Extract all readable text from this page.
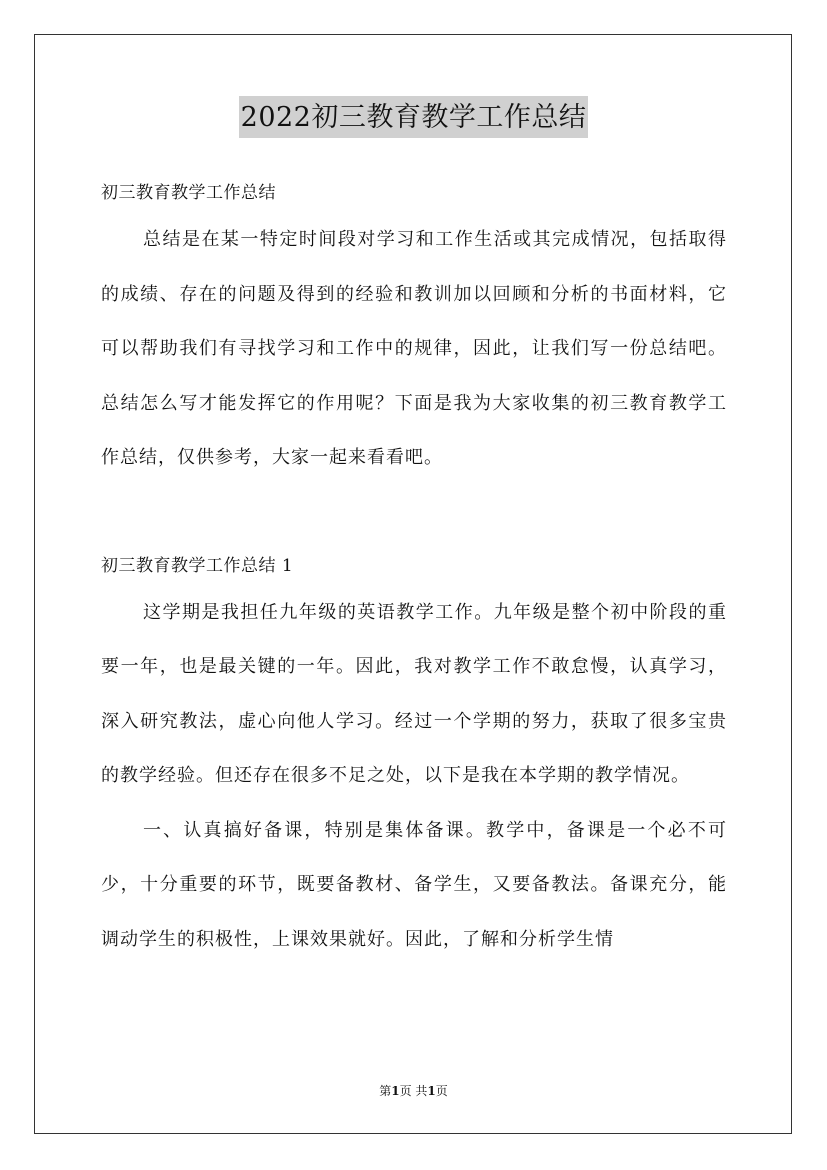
2022初三教育教学工作总结

初三教育教学工作总结

总结是在某一特定时间段对学习和工作生活或其完成情况，包括取得的成绩、存在的问题及得到的经验和教训加以回顾和分析的书面材料，它可以帮助我们有寻找学习和工作中的规律，因此，让我们写一份总结吧。总结怎么写才能发挥它的作用呢？下面是我为大家收集的初三教育教学工作总结，仅供参考，大家一起来看看吧。

初三教育教学工作总结 1

这学期是我担任九年级的英语教学工作。九年级是整个初中阶段的重要一年，也是最关键的一年。因此，我对教学工作不敢怠慢，认真学习，深入研究教法，虚心向他人学习。经过一个学期的努力，获取了很多宝贵的教学经验。但还存在很多不足之处，以下是我在本学期的教学情况。

一、认真搞好备课，特别是集体备课。教学中，备课是一个必不可少，十分重要的环节，既要备教材、备学生，又要备教法。备课充分，能调动学生的积极性，上课效果就好。因此，了解和分析学生情

第1页 共1页
